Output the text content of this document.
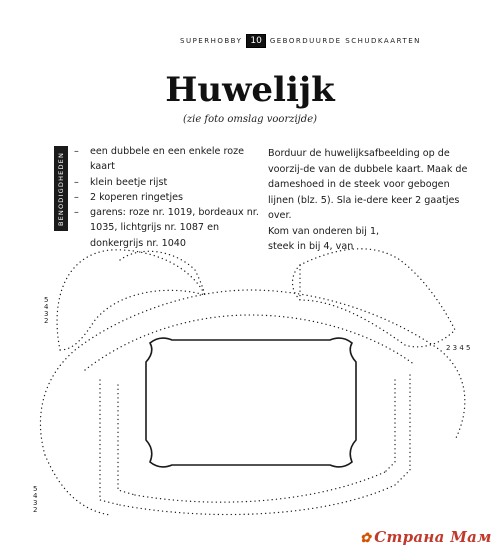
SUPERHOBBY 10	GEBORDUURDE SCHUDKAARTEN
Huwelijk
(zie foto omslag voorzijde)
BENODIGDHEDEN
–	een dubbele en een enkele roze kaart
– klein beetje rijst
– 2 koperen ringetjes
– garens: roze nr. 1019, bordeaux nr. 1035, lichtgrijs nr. 1087 en donkergrijs nr. 1040

Borduur de huwelijksafbeelding op de voorzij-de van de dubbele kaart. Maak de dameshoed in de steek voor gebogen lijnen (blz. 5). Sla ie-dere keer 2 gaatjes over.

Kom van onderen bij 1,

steek in bij 4, van

5
4
3
2
2 3 4 5
5
4
3
2
✿ Страна Мам
